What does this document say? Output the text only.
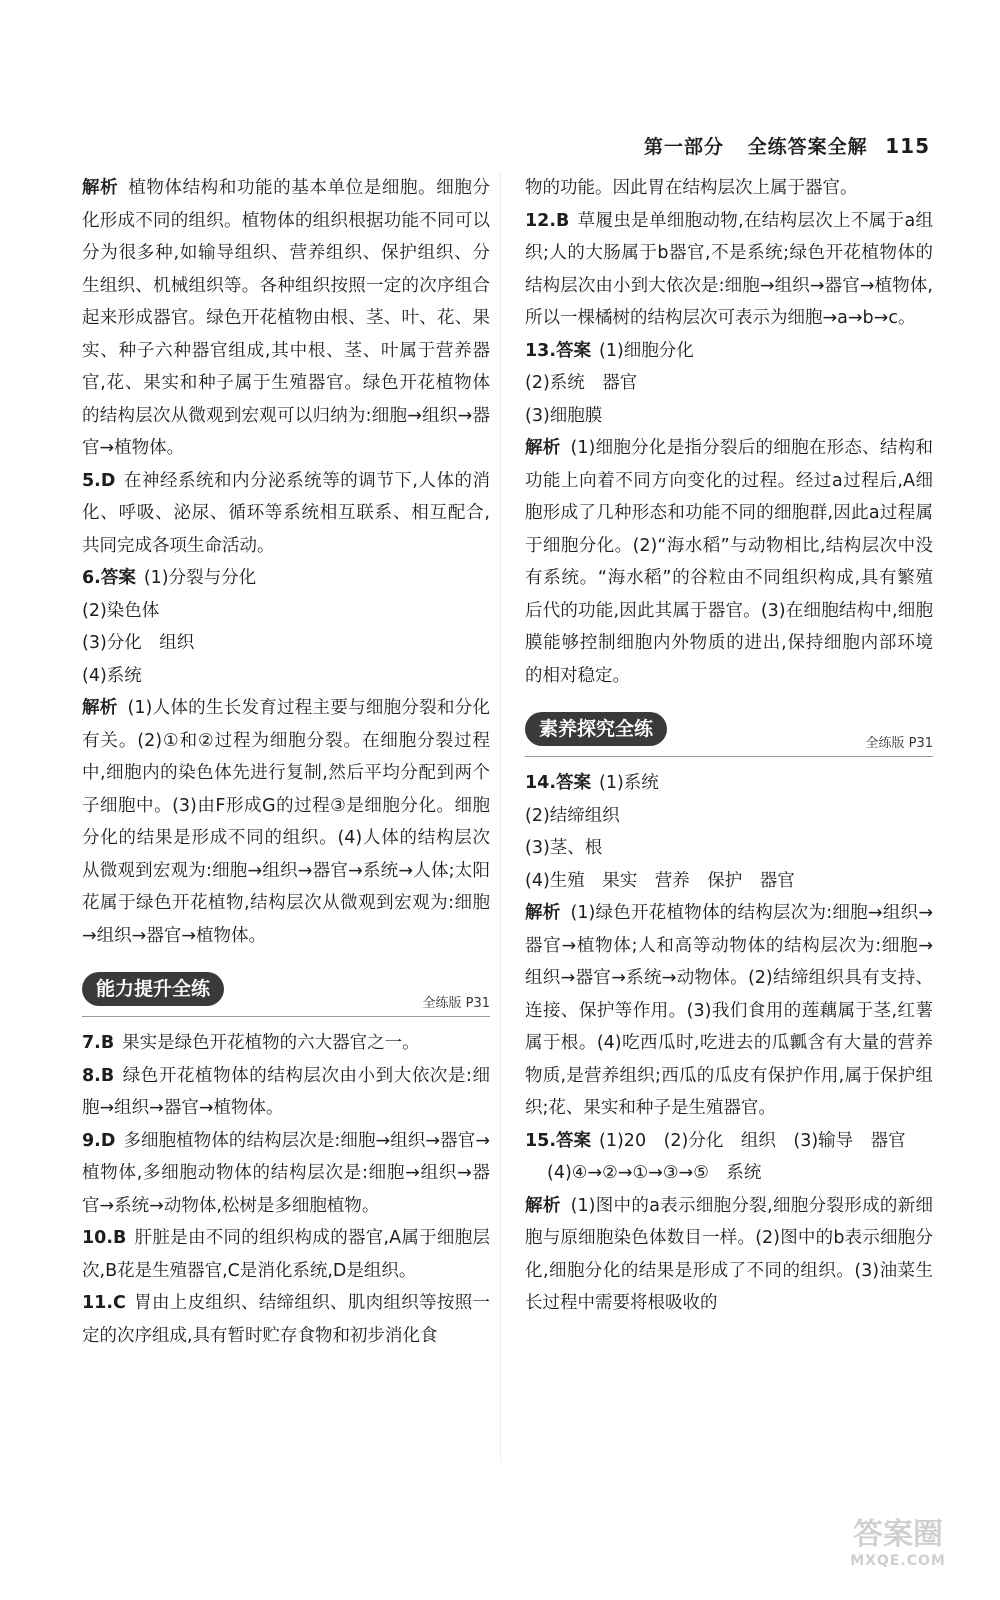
第一部分 全练答案全解 115
解析 植物体结构和功能的基本单位是细胞。细胞分化形成不同的组织。植物体的组织根据功能不同可以分为很多种,如输导组织、营养组织、保护组织、分生组织、机械组织等。各种组织按照一定的次序组合起来形成器官。绿色开花植物由根、茎、叶、花、果实、种子六种器官组成,其中根、茎、叶属于营养器官,花、果实和种子属于生殖器官。绿色开花植物体的结构层次从微观到宏观可以归纳为:细胞→组织→器官→植物体。
5.D 在神经系统和内分泌系统等的调节下,人体的消化、呼吸、泌尿、循环等系统相互联系、相互配合,共同完成各项生命活动。
6.答案 (1)分裂与分化
(2)染色体
(3)分化　组织
(4)系统
解析 (1)人体的生长发育过程主要与细胞分裂和分化有关。(2)①和②过程为细胞分裂。在细胞分裂过程中,细胞内的染色体先进行复制,然后平均分配到两个子细胞中。(3)由F形成G的过程③是细胞分化。细胞分化的结果是形成不同的组织。(4)人体的结构层次从微观到宏观为:细胞→组织→器官→系统→人体;太阳花属于绿色开花植物,结构层次从微观到宏观为:细胞→组织→器官→植物体。
能力提升全练
全练版 P31
7.B 果实是绿色开花植物的六大器官之一。
8.B 绿色开花植物体的结构层次由小到大依次是:细胞→组织→器官→植物体。
9.D 多细胞植物体的结构层次是:细胞→组织→器官→植物体,多细胞动物体的结构层次是:细胞→组织→器官→系统→动物体,松树是多细胞植物。
10.B 肝脏是由不同的组织构成的器官,A属于细胞层次,B花是生殖器官,C是消化系统,D是组织。
11.C 胃由上皮组织、结缔组织、肌肉组织等按照一定的次序组成,具有暂时贮存食物和初步消化食
物的功能。因此胃在结构层次上属于器官。
12.B 草履虫是单细胞动物,在结构层次上不属于a组织;人的大肠属于b器官,不是系统;绿色开花植物体的结构层次由小到大依次是:细胞→组织→器官→植物体,所以一棵橘树的结构层次可表示为细胞→a→b→c。
13.答案 (1)细胞分化
(2)系统　器官
(3)细胞膜
解析 (1)细胞分化是指分裂后的细胞在形态、结构和功能上向着不同方向变化的过程。经过a过程后,A细胞形成了几种形态和功能不同的细胞群,因此a过程属于细胞分化。(2)“海水稻”与动物相比,结构层次中没有系统。“海水稻”的谷粒由不同组织构成,具有繁殖后代的功能,因此其属于器官。(3)在细胞结构中,细胞膜能够控制细胞内外物质的进出,保持细胞内部环境的相对稳定。
素养探究全练
全练版 P31
14.答案 (1)系统
(2)结缔组织
(3)茎、根
(4)生殖　果实　营养　保护　器官
解析 (1)绿色开花植物体的结构层次为:细胞→组织→器官→植物体;人和高等动物体的结构层次为:细胞→组织→器官→系统→动物体。(2)结缔组织具有支持、连接、保护等作用。(3)我们食用的莲藕属于茎,红薯属于根。(4)吃西瓜时,吃进去的瓜瓤含有大量的营养物质,是营养组织;西瓜的瓜皮有保护作用,属于保护组织;花、果实和种子是生殖器官。
15.答案 (1)20　(2)分化　组织　(3)输导　器官
(4)④→②→①→③→⑤　系统
解析 (1)图中的a表示细胞分裂,细胞分裂形成的新细胞与原细胞染色体数目一样。(2)图中的b表示细胞分化,细胞分化的结果是形成了不同的组织。(3)油菜生长过程中需要将根吸收的
答案圈
MXQE.COM
